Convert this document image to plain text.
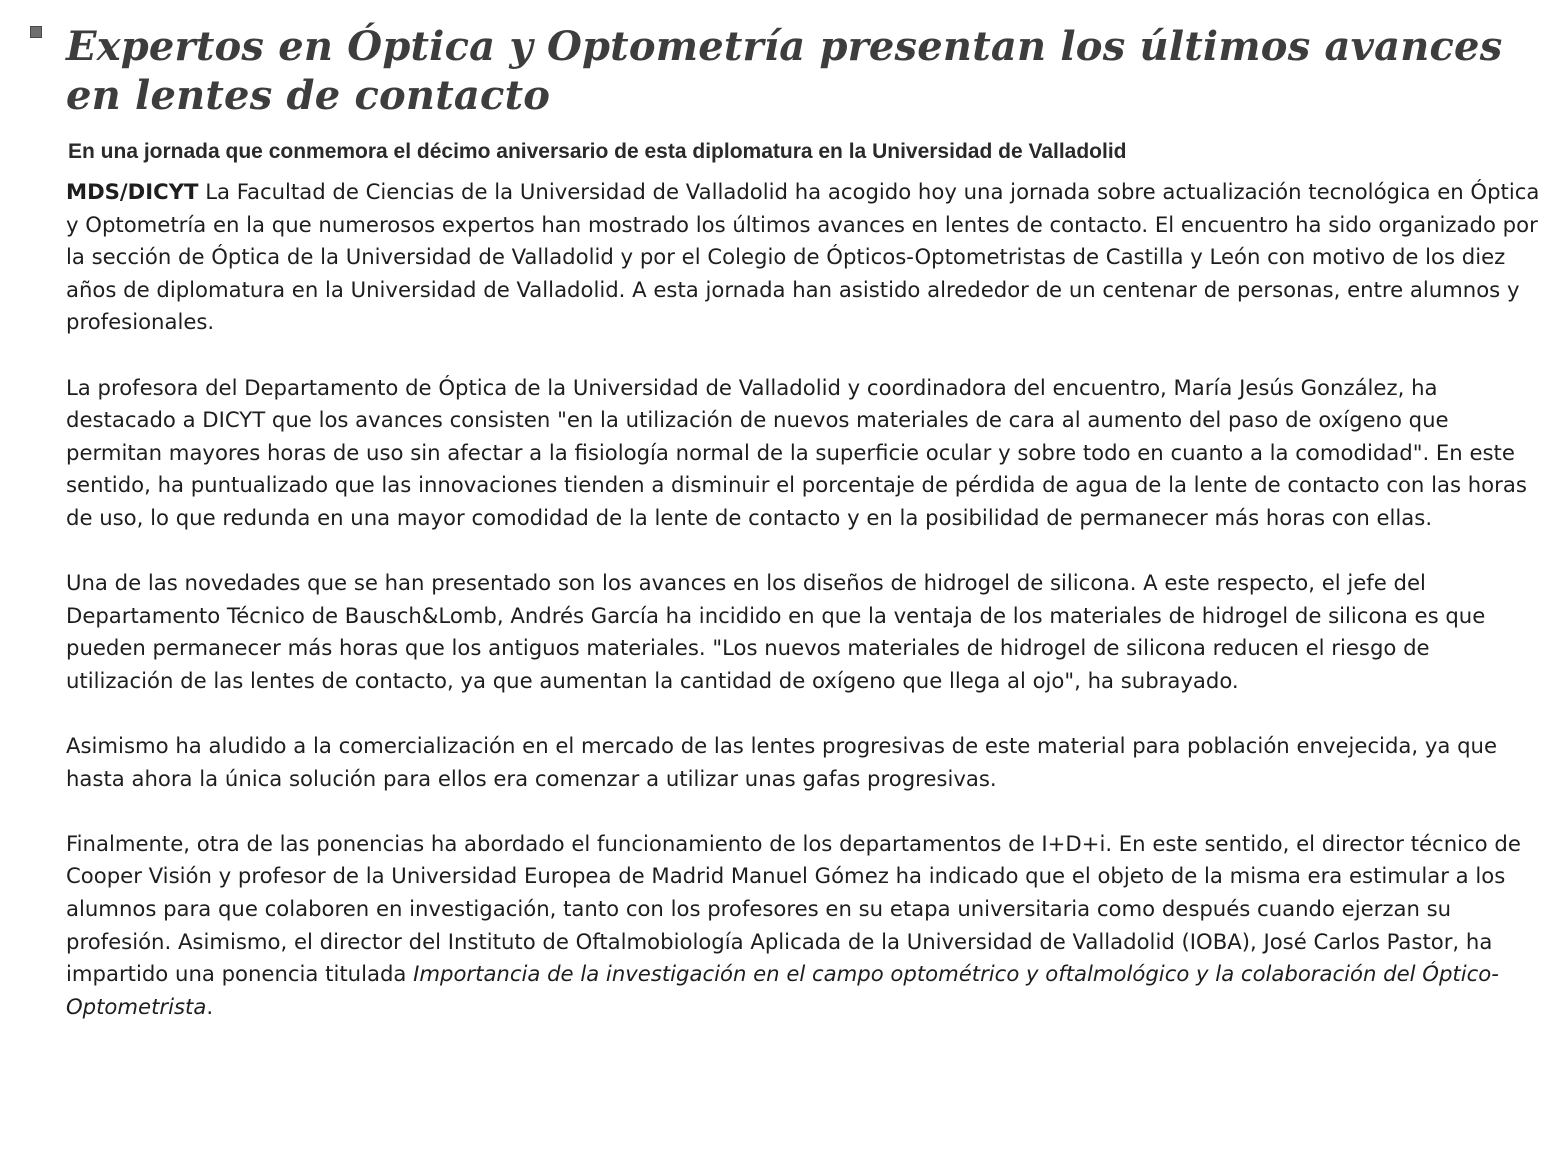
Expertos en Óptica y Optometría presentan los últimos avances en lentes de contacto
En una jornada que conmemora el décimo aniversario de esta diplomatura en la Universidad de Valladolid

MDS/DICYT La Facultad de Ciencias de la Universidad de Valladolid ha acogido hoy una jornada sobre actualización tecnológica en Óptica y Optometría en la que numerosos expertos han mostrado los últimos avances en lentes de contacto. El encuentro ha sido organizado por la sección de Óptica de la Universidad de Valladolid y por el Colegio de Ópticos-Optometristas de Castilla y León con motivo de los diez años de diplomatura en la Universidad de Valladolid. A esta jornada han asistido alrededor de un centenar de personas, entre alumnos y profesionales.

La profesora del Departamento de Óptica de la Universidad de Valladolid y coordinadora del encuentro, María Jesús González, ha destacado a DICYT que los avances consisten "en la utilización de nuevos materiales de cara al aumento del paso de oxígeno que permitan mayores horas de uso sin afectar a la fisiología normal de la superficie ocular y sobre todo en cuanto a la comodidad". En este sentido, ha puntualizado que las innovaciones tienden a disminuir el porcentaje de pérdida de agua de la lente de contacto con las horas de uso, lo que redunda en una mayor comodidad de la lente de contacto y en la posibilidad de permanecer más horas con ellas.

Una de las novedades que se han presentado son los avances en los diseños de hidrogel de silicona. A este respecto, el jefe del Departamento Técnico de Bausch&Lomb, Andrés García ha incidido en que la ventaja de los materiales de hidrogel de silicona es que pueden permanecer más horas que los antiguos materiales. "Los nuevos materiales de hidrogel de silicona reducen el riesgo de utilización de las lentes de contacto, ya que aumentan la cantidad de oxígeno que llega al ojo", ha subrayado.

Asimismo ha aludido a la comercialización en el mercado de las lentes progresivas de este material para población envejecida, ya que hasta ahora la única solución para ellos era comenzar a utilizar unas gafas progresivas.

Finalmente, otra de las ponencias ha abordado el funcionamiento de los departamentos de I+D+i. En este sentido, el director técnico de Cooper Visión y profesor de la Universidad Europea de Madrid Manuel Gómez ha indicado que el objeto de la misma era estimular a los alumnos para que colaboren en investigación, tanto con los profesores en su etapa universitaria como después cuando ejerzan su profesión. Asimismo, el director del Instituto de Oftalmobiología Aplicada de la Universidad de Valladolid (IOBA), José Carlos Pastor, ha impartido una ponencia titulada Importancia de la investigación en el campo optométrico y oftalmológico y la colaboración del Óptico-Optometrista.
